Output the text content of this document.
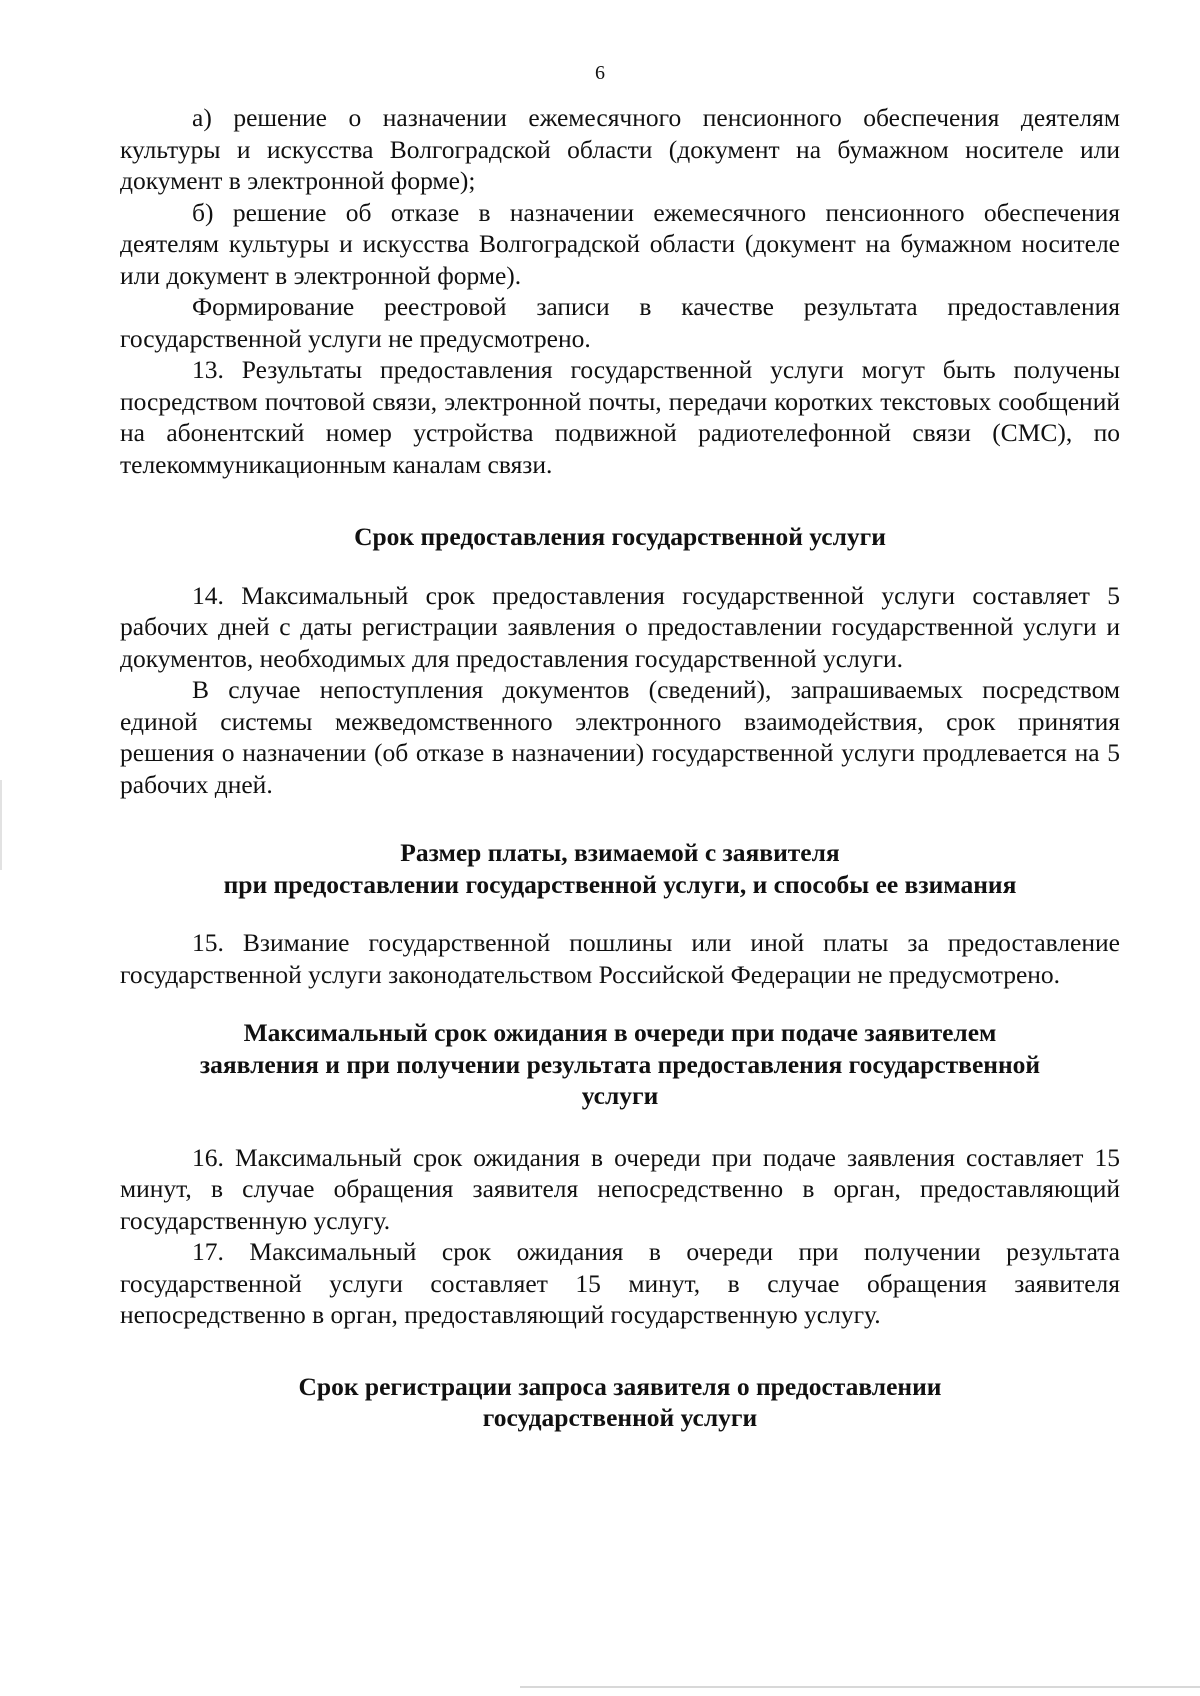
6

а) решение о назначении ежемесячного пенсионного обеспечения деятелям культуры и искусства Волгоградской области (документ на бумажном носителе или документ в электронной форме);

б) решение об отказе в назначении ежемесячного пенсионного обеспечения деятелям культуры и искусства Волгоградской области (документ на бумажном носителе или документ в электронной форме).

Формирование реестровой записи в качестве результата предоставления государственной услуги не предусмотрено.

13. Результаты предоставления государственной услуги могут быть получены посредством почтовой связи, электронной почты, передачи коротких текстовых сообщений на абонентский номер устройства подвижной радиотелефонной связи (СМС), по телекоммуникационным каналам связи.

Срок предоставления государственной услуги

14. Максимальный срок предоставления государственной услуги составляет 5 рабочих дней с даты регистрации заявления о предоставлении государственной услуги и документов, необходимых для предоставления государственной услуги.

В случае непоступления документов (сведений), запрашиваемых посредством единой системы межведомственного электронного взаимодействия, срок принятия решения о назначении (об отказе в назначении) государственной услуги продлевается на 5 рабочих дней.

Размер платы, взимаемой с заявителя
при предоставлении государственной услуги, и способы ее взимания

15. Взимание государственной пошлины или иной платы за предоставление государственной услуги законодательством Российской Федерации не предусмотрено.

Максимальный срок ожидания в очереди при подаче заявителем
заявления и при получении результата предоставления государственной
услуги

16. Максимальный срок ожидания в очереди при подаче заявления составляет 15 минут, в случае обращения заявителя непосредственно в орган, предоставляющий государственную услугу.

17. Максимальный срок ожидания в очереди при получении результата государственной услуги составляет 15 минут, в случае обращения заявителя непосредственно в орган, предоставляющий государственную услугу.

Срок регистрации запроса заявителя о предоставлении
государственной услуги
